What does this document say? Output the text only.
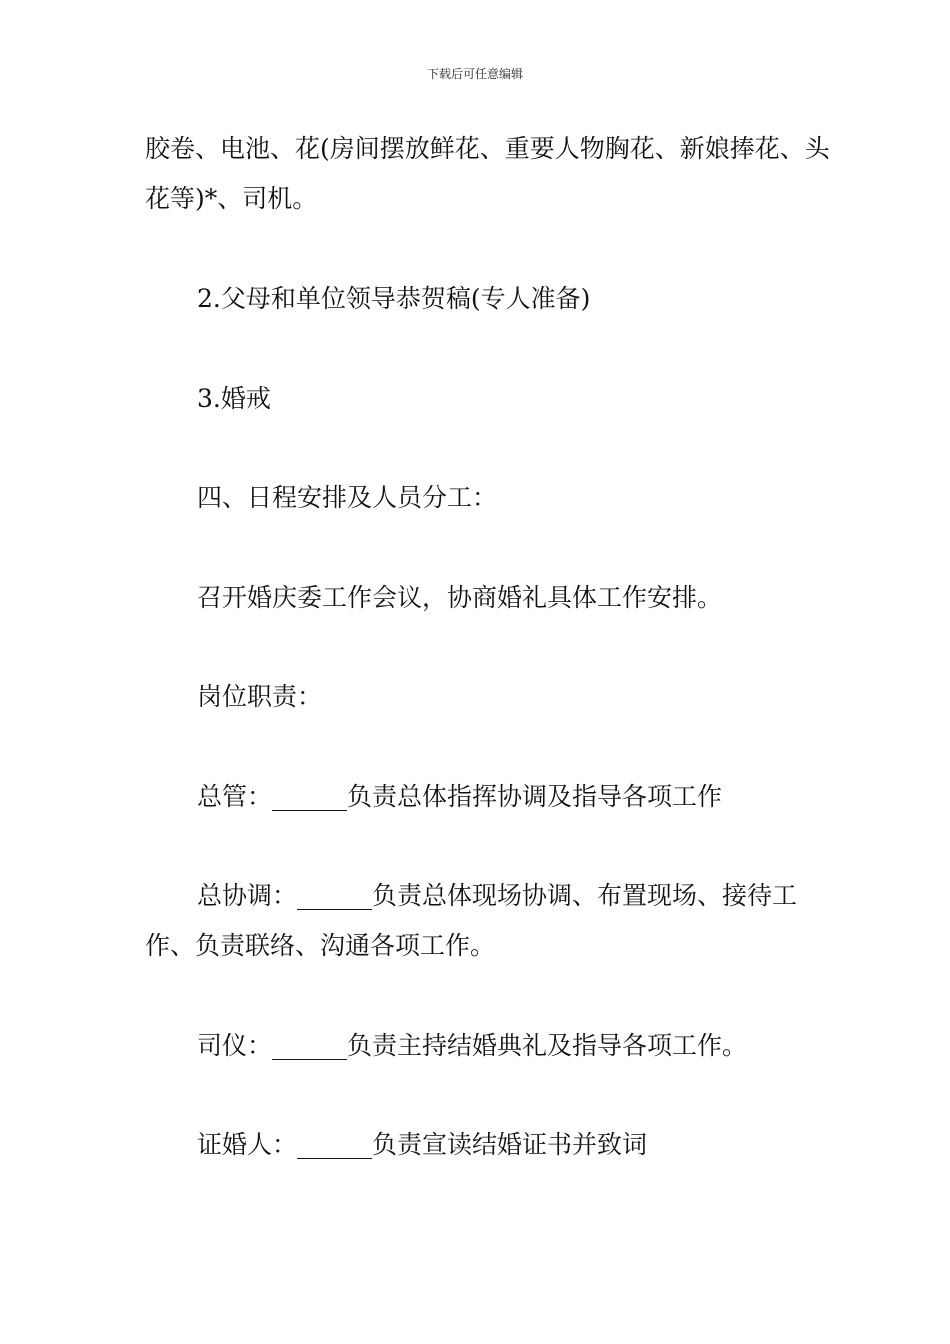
下载后可任意编辑
胶卷、电池、花(房间摆放鲜花、重要人物胸花、新娘捧花、头花等)*、司机。
2.父母和单位领导恭贺稿(专人准备)
3.婚戒
四、日程安排及人员分工：
召开婚庆委工作会议，协商婚礼具体工作安排。
岗位职责：
总管：______负责总体指挥协调及指导各项工作
总协调：______负责总体现场协调、布置现场、接待工作、负责联络、沟通各项工作。
司仪：______负责主持结婚典礼及指导各项工作。
证婚人：______负责宣读结婚证书并致词
